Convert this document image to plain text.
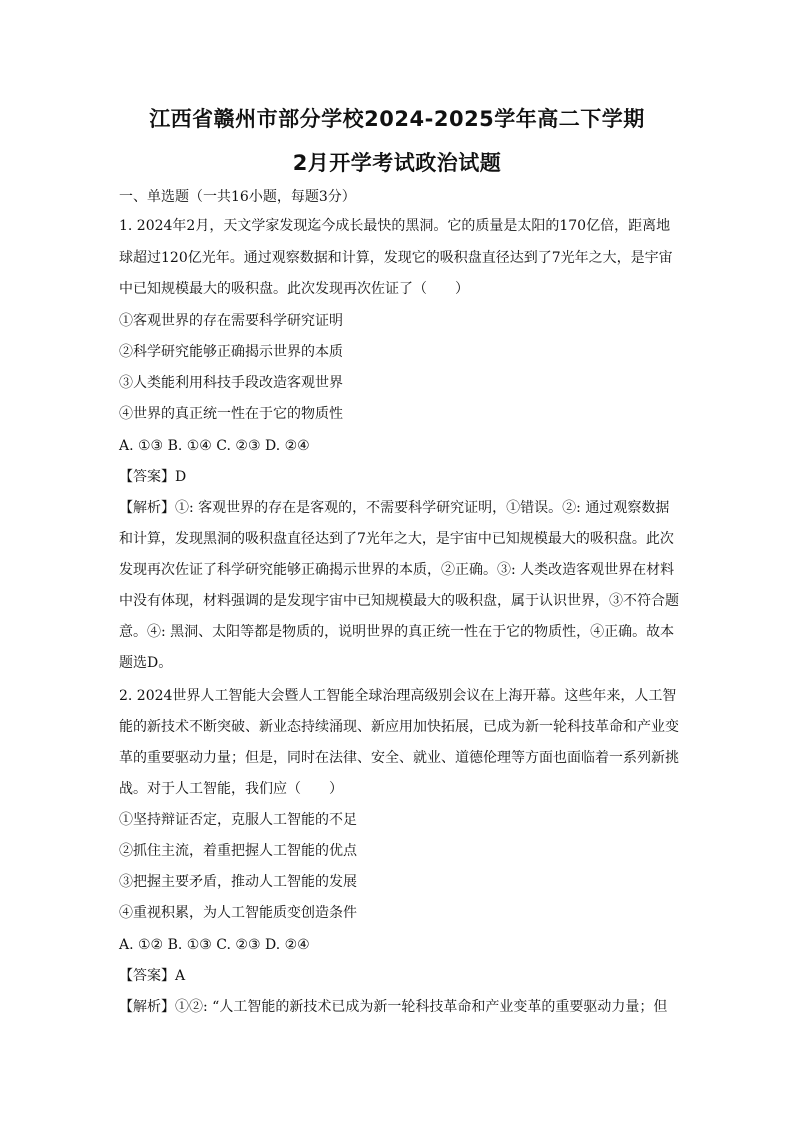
江西省赣州市部分学校2024-2025学年高二下学期
2月开学考试政治试题
一、单选题（一共16小题，每题3分）
1. 2024年2月，天文学家发现迄今成长最快的黑洞。它的质量是太阳的170亿倍，距离地
球超过120亿光年。通过观察数据和计算，发现它的吸积盘直径达到了7光年之大，是宇宙
中已知规模最大的吸积盘。此次发现再次佐证了（　　）
①客观世界的存在需要科学研究证明
②科学研究能够正确揭示世界的本质
③人类能利用科技手段改造客观世界
④世界的真正统一性在于它的物质性
A. ①③ B. ①④ C. ②③ D. ②④
【答案】D
【解析】①: 客观世界的存在是客观的，不需要科学研究证明，①错误。②: 通过观察数据
和计算，发现黑洞的吸积盘直径达到了7光年之大，是宇宙中已知规模最大的吸积盘。此次
发现再次佐证了科学研究能够正确揭示世界的本质，②正确。③: 人类改造客观世界在材料
中没有体现，材料强调的是发现宇宙中已知规模最大的吸积盘，属于认识世界，③不符合题
意。④: 黑洞、太阳等都是物质的，说明世界的真正统一性在于它的物质性，④正确。故本
题选D。
2. 2024世界人工智能大会暨人工智能全球治理高级别会议在上海开幕。这些年来，人工智
能的新技术不断突破、新业态持续涌现、新应用加快拓展，已成为新一轮科技革命和产业变
革的重要驱动力量；但是，同时在法律、安全、就业、道德伦理等方面也面临着一系列新挑
战。对于人工智能，我们应（　　）
①坚持辩证否定，克服人工智能的不足
②抓住主流，着重把握人工智能的优点
③把握主要矛盾，推动人工智能的发展
④重视积累，为人工智能质变创造条件
A. ①② B. ①③ C. ②③ D. ②④
【答案】A
【解析】①②: “人工智能的新技术已成为新一轮科技革命和产业变革的重要驱动力量；但
